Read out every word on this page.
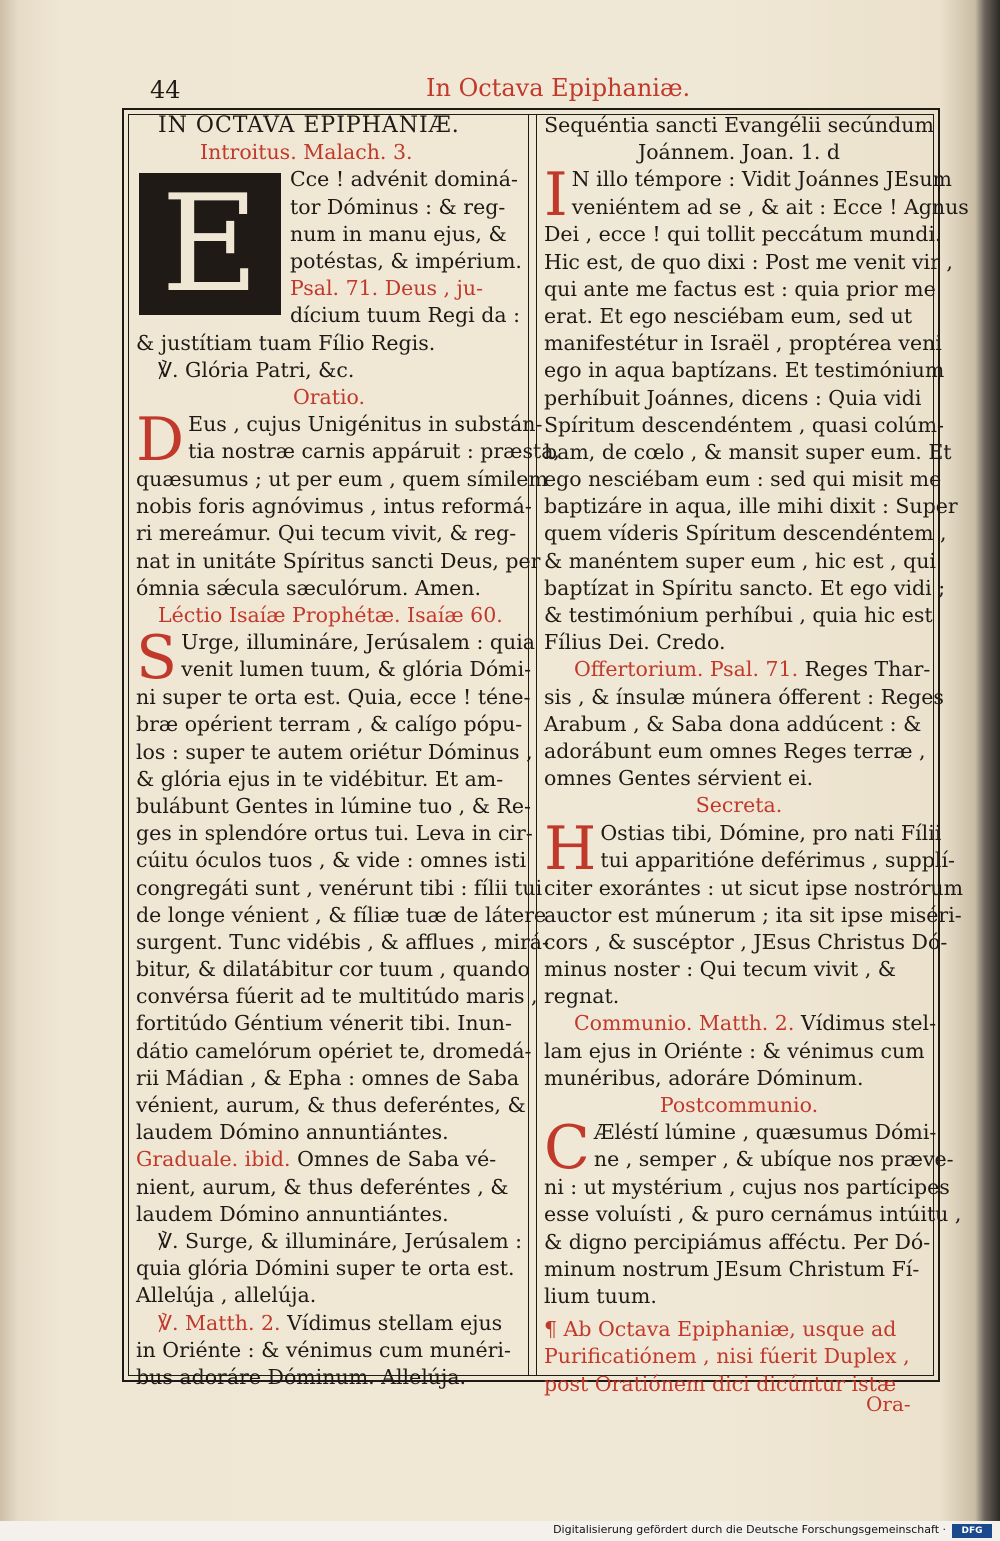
44	In Octava Epiphaniæ.
IN OCTAVA EPIPHANIÆ.
Introitus. Malach. 3.
E	Cce ! advénit dominá-
tor Dóminus : & reg-
num in manu ejus, &
potéstas, & impérium.
Psal. 71. Deus , ju-
dícium tuum Regi da :
& justítiam tuam Fílio Regis.
℣. Glória Patri, &c.
Oratio.
D Eus , cujus Unigénitus in substán-
tia nostræ carnis appáruit : præsta,
quæsumus ; ut per eum , quem símilem
nobis foris agnóvimus , intus reformá-
ri mereámur. Qui tecum vivit, & reg-
nat in unitáte Spíritus sancti Deus, per
ómnia sǽcula sæculórum. Amen.
Léctio Isaíæ Prophétæ. Isaíæ 60.
S Urge, illumináre, Jerúsalem : quia
venit lumen tuum, & glória Dómi-
ni super te orta est. Quia, ecce ! téne-
bræ opérient terram , & calígo pópu-
los : super te autem oriétur Dóminus ,
& glória ejus in te vidébitur. Et am-
bulábunt Gentes in lúmine tuo , & Re-
ges in splendóre ortus tui. Leva in cir-
cúitu óculos tuos , & vide : omnes isti
congregáti sunt , venérunt tibi : fílii tui
de longe vénient , & fíliæ tuæ de látere
surgent. Tunc vidébis , & afflues , mirá-
bitur, & dilatábitur cor tuum , quando
convérsa fúerit ad te multitúdo maris ,
fortitúdo Géntium vénerit tibi. Inun-
dátio camelórum opériet te, dromedá-
rii Mádian , & Epha : omnes de Saba
vénient, aurum, & thus deferéntes, &
laudem Dómino annuntiántes.
Graduale. ibid. Omnes de Saba vé-
nient, aurum, & thus deferéntes , &
laudem Dómino annuntiántes.
℣. Surge, & illumináre, Jerúsalem :
quia glória Dómini super te orta est.
Allelúja , allelúja.
℣. Matth. 2. Vídimus stellam ejus
in Oriénte : & vénimus cum munéri-
bus adoráre Dóminum. Allelúja.
Sequéntia sancti Evangélii secúndum
Joánnem. Joan. 1. d
I N illo témpore : Vidit Joánnes JEsum
veniéntem ad se , & ait : Ecce ! Agnus
Dei , ecce ! qui tollit peccátum mundi.
Hic est, de quo dixi : Post me venit vir ,
qui ante me factus est : quia prior me
erat. Et ego nesciébam eum, sed ut
manifestétur in Israël , proptérea veni
ego in aqua baptízans. Et testimónium
perhíbuit Joánnes, dicens : Quia vidi
Spíritum descendéntem , quasi colúm-
bam, de cœlo , & mansit super eum. Et
ego nesciébam eum : sed qui misit me
baptizáre in aqua, ille mihi dixit : Super
quem víderis Spíritum descendéntem ,
& manéntem super eum , hic est , qui
baptízat in Spíritu sancto. Et ego vidi ;
& testimónium perhíbui , quia hic est
Fílius Dei. Credo.
Offertorium. Psal. 71. Reges Thar-
sis , & ínsulæ múnera ófferent : Reges
Arabum , & Saba dona addúcent : &
adorábunt eum omnes Reges terræ ,
omnes Gentes sérvient ei.
Secreta.
H Ostias tibi, Dómine, pro nati Fílii
tui apparitióne deférimus , supplí-
citer exorántes : ut sicut ipse nostrórum
auctor est múnerum ; ita sit ipse miséri-
cors , & suscéptor , JEsus Christus Dó-
minus noster : Qui tecum vivit , &
regnat.
Communio. Matth. 2. Vídimus stel-
lam ejus in Oriénte : & vénimus cum
munéribus, adoráre Dóminum.
Postcommunio.
C Æléstí lúmine , quæsumus Dómi-
ne , semper , & ubíque nos præve-
ni : ut mystérium , cujus nos partícipes
esse voluísti , & puro cernámus intúitu ,
& digno percipiámus afféctu. Per Dó-
minum nostrum JEsum Christum Fí-
lium tuum.
¶ Ab Octava Epiphaniæ, usque ad
Purificatiónem , nisi fúerit Duplex ,
post Oratiónem dici dicúntur istæ
Ora-
Digitalisierung gefördert durch die Deutsche Forschungsgemeinschaft ·	DFG
